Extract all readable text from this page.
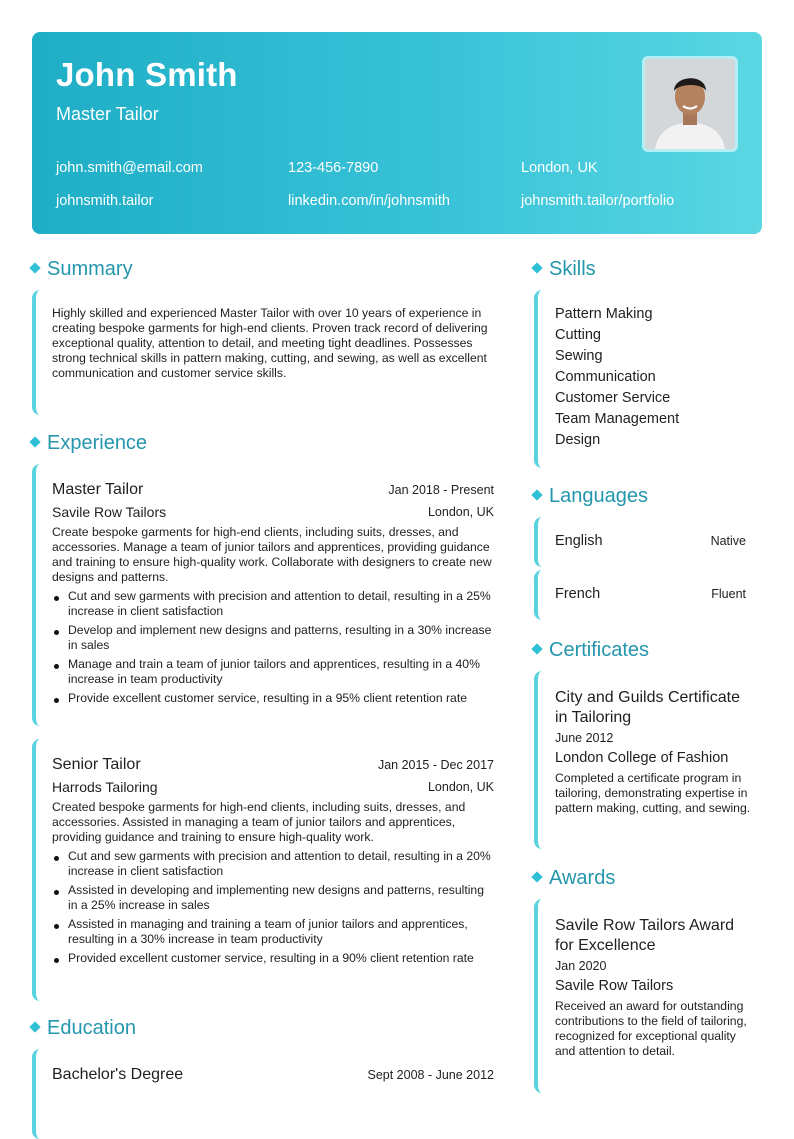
John Smith
Master Tailor
john.smith@email.com	123-456-7890	London, UK
johnsmith.tailor	linkedin.com/in/johnsmith	johnsmith.tailor/portfolio
Summary
Highly skilled and experienced Master Tailor with over 10 years of experience in creating bespoke garments for high-end clients. Proven track record of delivering exceptional quality, attention to detail, and meeting tight deadlines. Possesses strong technical skills in pattern making, cutting, and sewing, as well as excellent communication and customer service skills.
Experience
Master Tailor	Jan 2018 - Present
Savile Row Tailors	London, UK
Create bespoke garments for high-end clients, including suits, dresses, and accessories. Manage a team of junior tailors and apprentices, providing guidance and training to ensure high-quality work. Collaborate with designers to create new designs and patterns.
Cut and sew garments with precision and attention to detail, resulting in a 25% increase in client satisfaction
Develop and implement new designs and patterns, resulting in a 30% increase in sales
Manage and train a team of junior tailors and apprentices, resulting in a 40% increase in team productivity
Provide excellent customer service, resulting in a 95% client retention rate
Senior Tailor	Jan 2015 - Dec 2017
Harrods Tailoring	London, UK
Created bespoke garments for high-end clients, including suits, dresses, and accessories. Assisted in managing a team of junior tailors and apprentices, providing guidance and training to ensure high-quality work.
Cut and sew garments with precision and attention to detail, resulting in a 20% increase in client satisfaction
Assisted in developing and implementing new designs and patterns, resulting in a 25% increase in sales
Assisted in managing and training a team of junior tailors and apprentices, resulting in a 30% increase in team productivity
Provided excellent customer service, resulting in a 90% client retention rate
Education
Bachelor's Degree	Sept 2008 - June 2012
Skills
Pattern Making
Cutting
Sewing
Communication
Customer Service
Team Management
Design
Languages
English	Native
French	Fluent
Certificates
City and Guilds Certificate in Tailoring
June 2012
London College of Fashion
Completed a certificate program in tailoring, demonstrating expertise in pattern making, cutting, and sewing.
Awards
Savile Row Tailors Award for Excellence
Jan 2020
Savile Row Tailors
Received an award for outstanding contributions to the field of tailoring, recognized for exceptional quality and attention to detail.
